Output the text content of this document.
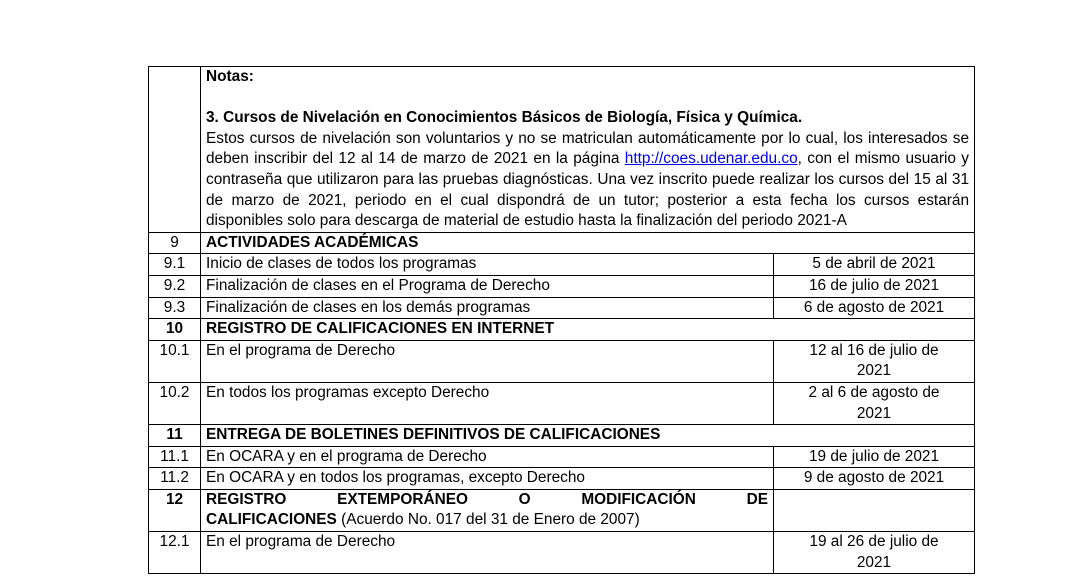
	Notas:

3. Cursos de Nivelación en Conocimientos Básicos de Biología, Física y Química.

Estos cursos de nivelación son voluntarios y no se matriculan automáticamente por lo cual, los interesados se deben inscribir del 12 al 14 de marzo de 2021 en la página http://coes.udenar.edu.co, con el mismo usuario y contraseña que utilizaron para las pruebas diagnósticas. Una vez inscrito puede realizar los cursos del 15 al 31 de marzo de 2021, periodo en el cual dispondrá de un tutor; posterior a esta fecha los cursos estarán disponibles solo para descarga de material de estudio hasta la finalización del periodo 2021-A	

9	ACTIVIDADES ACADÉMICAS	
9.1	Inicio de clases de todos los programas	5 de abril de 2021
9.2	Finalización de clases en el Programa de Derecho	16 de julio de 2021
9.3	Finalización de clases en los demás programas	6 de agosto de 2021
10	REGISTRO DE CALIFICACIONES EN INTERNET	
10.1	En el programa de Derecho	12 al 16 de julio de
2021

10.2	En todos los programas excepto Derecho	2 al 6 de agosto de
2021

11	ENTREGA DE BOLETINES DEFINITIVOS DE CALIFICACIONES	
11.1	En OCARA y en el programa de Derecho	19 de julio de 2021
11.2	En OCARA y en todos los programas, excepto Derecho	9 de agosto de 2021
12	REGISTRO EXTEMPORÁNEO O MODIFICACIÓN DE
CALIFICACIONES (Acuerdo No. 017 del 31 de Enero de 2007)	
12.1	En el programa de Derecho	19 al 26 de julio de
2021
